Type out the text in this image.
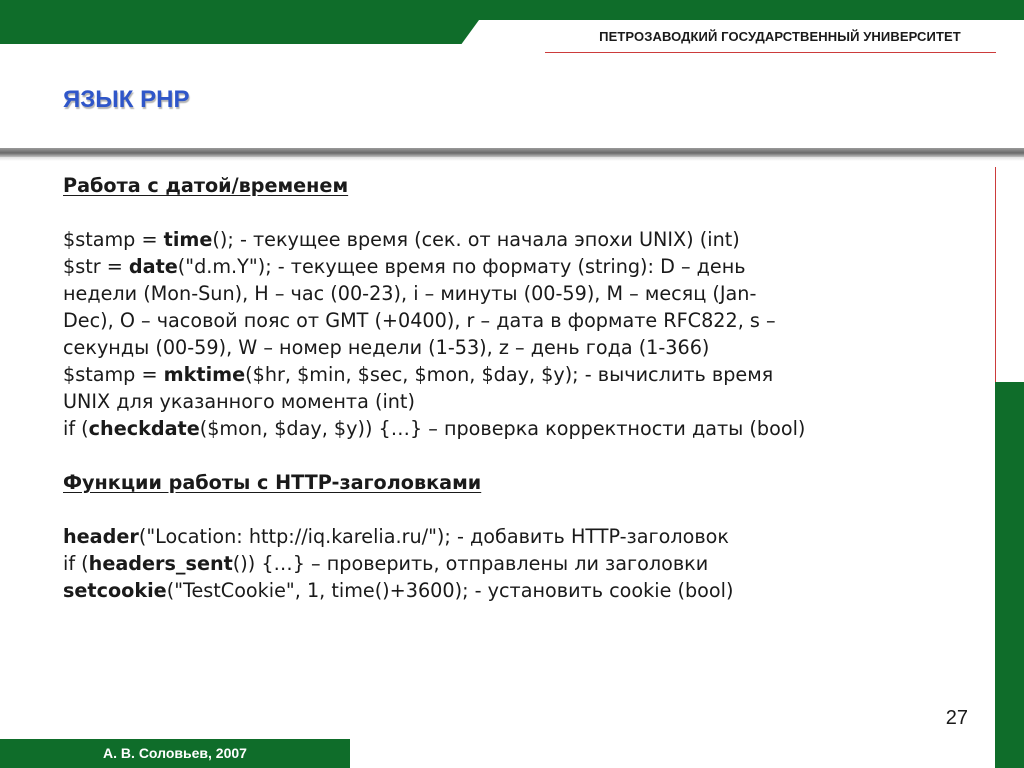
ПЕТРОЗАВОДКИЙ ГОСУДАРСТВЕННЫЙ УНИВЕРСИТЕТ
ЯЗЫК PHP
Работа с датой/временем
$stamp = time(); - текущее время (сек. от начала эпохи UNIX) (int)
$str = date("d.m.Y"); - текущее время по формату (string): D – день
недели (Mon-Sun), H – час (00-23), i – минуты (00-59), M – месяц (Jan-
Dec), O – часовой пояс от GMT (+0400), r – дата в формате RFC822, s –
секунды (00-59), W – номер недели (1-53), z – день года (1-366)
$stamp = mktime($hr, $min, $sec, $mon, $day, $y); - вычислить время
UNIX для указанного момента (int)
if (checkdate($mon, $day, $y)) {…} – проверка корректности даты (bool)
Функции работы с HTTP-заголовками
header("Location: http://iq.karelia.ru/"); - добавить HTTP-заголовок
if (headers_sent()) {…} – проверить, отправлены ли заголовки
setcookie("TestCookie", 1, time()+3600); - установить cookie (bool)
27
А. В. Соловьев, 2007
